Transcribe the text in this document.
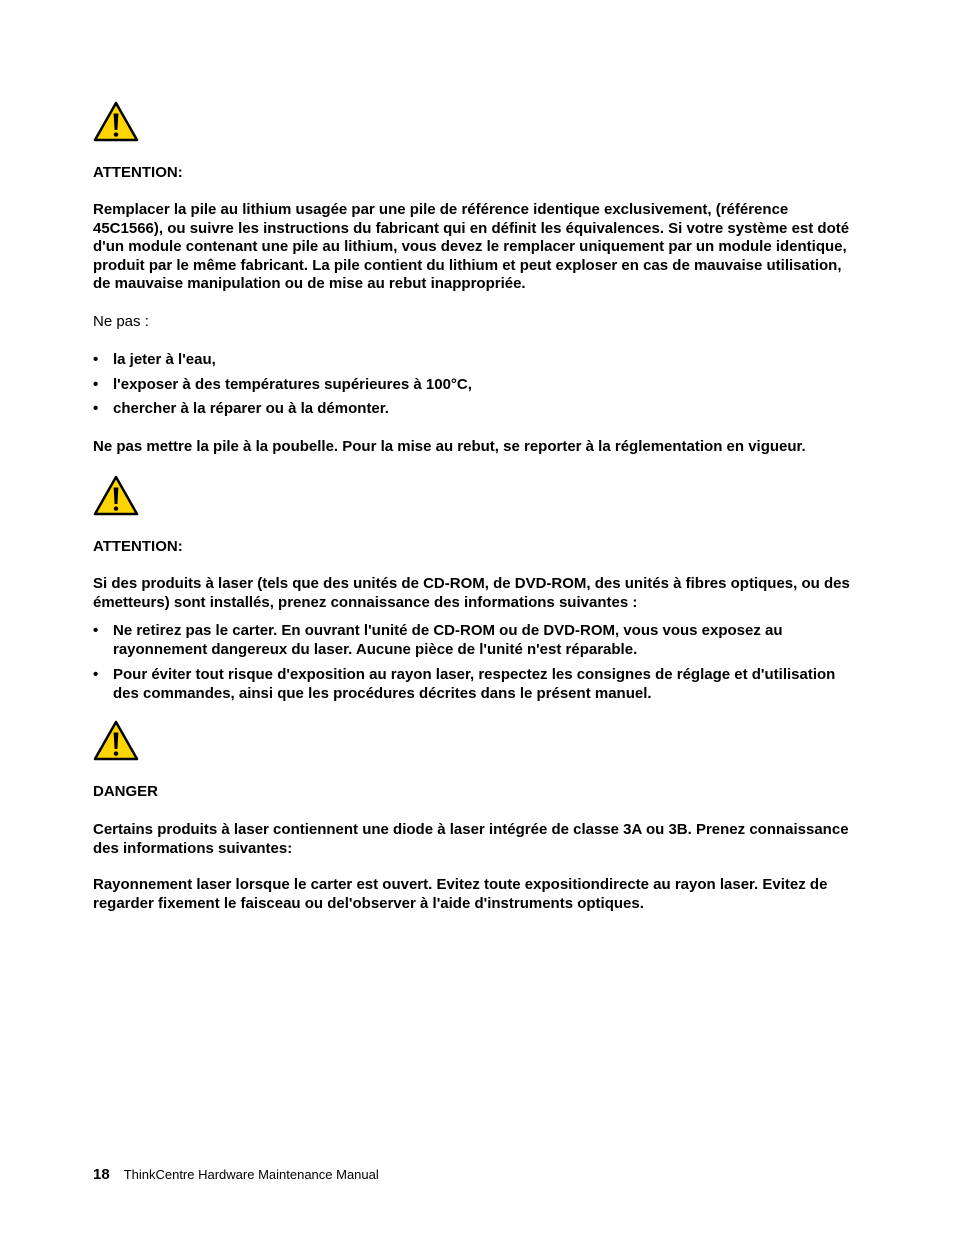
ATTENTION:
Remplacer la pile au lithium usagée par une pile de référence identique exclusivement, (référence 45C1566), ou suivre les instructions du fabricant qui en définit les équivalences. Si votre système est doté d'un module contenant une pile au lithium, vous devez le remplacer uniquement par un module identique, produit par le même fabricant. La pile contient du lithium et peut exploser en cas de mauvaise utilisation, de mauvaise manipulation ou de mise au rebut inappropriée.
Ne pas :
• la jeter à l'eau,
• l'exposer à des températures supérieures à 100°C,
• chercher à la réparer ou à la démonter.
Ne pas mettre la pile à la poubelle. Pour la mise au rebut, se reporter à la réglementation en vigueur.
ATTENTION:
Si des produits à laser (tels que des unités de CD-ROM, de DVD-ROM, des unités à fibres optiques, ou des émetteurs) sont installés, prenez connaissance des informations suivantes :
• Ne retirez pas le carter. En ouvrant l'unité de CD-ROM ou de DVD-ROM, vous vous exposez au rayonnement dangereux du laser. Aucune pièce de l'unité n'est réparable.
• Pour éviter tout risque d'exposition au rayon laser, respectez les consignes de réglage et d'utilisation des commandes, ainsi que les procédures décrites dans le présent manuel.
DANGER
Certains produits à laser contiennent une diode à laser intégrée de classe 3A ou 3B. Prenez connaissance des informations suivantes:
Rayonnement laser lorsque le carter est ouvert. Evitez toute expositiondirecte au rayon laser. Evitez de regarder fixement le faisceau ou del'observer à l'aide d'instruments optiques.
18 ThinkCentre Hardware Maintenance Manual
